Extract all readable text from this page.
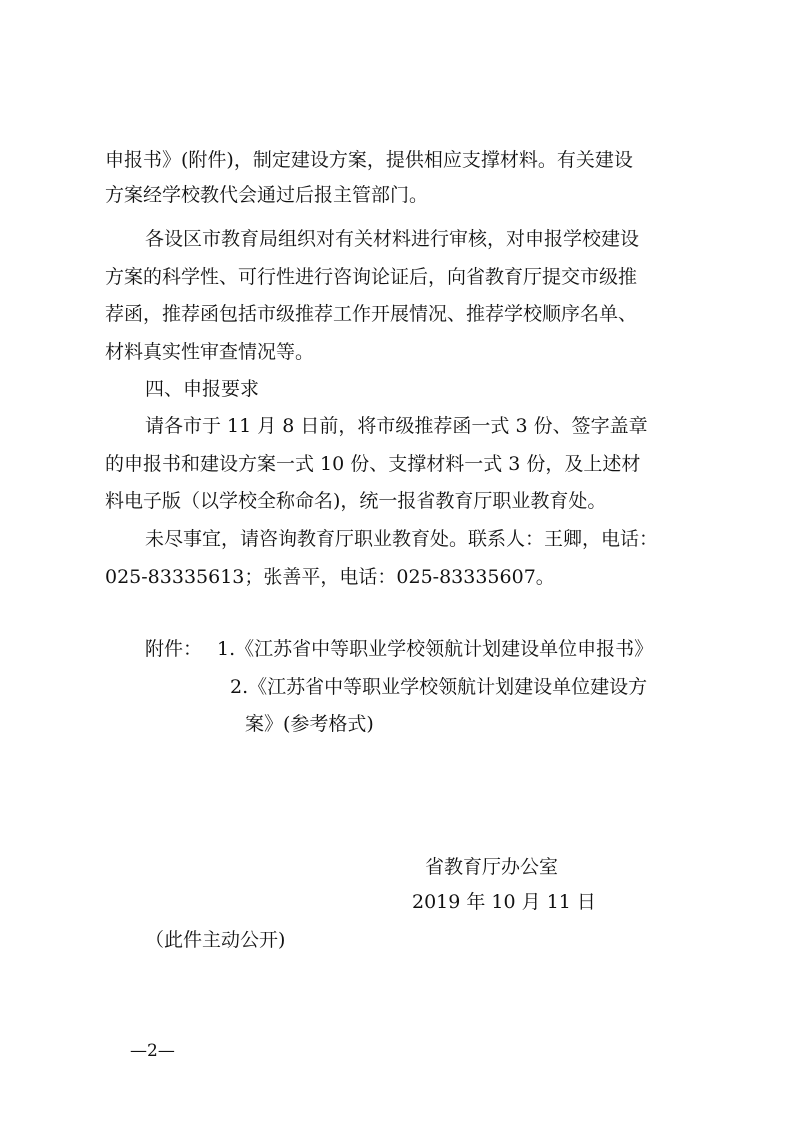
申报书》(附件)，制定建设方案，提供相应支撑材料。有关建设
方案经学校教代会通过后报主管部门。
各设区市教育局组织对有关材料进行审核，对申报学校建设
方案的科学性、可行性进行咨询论证后，向省教育厅提交市级推
荐函，推荐函包括市级推荐工作开展情况、推荐学校顺序名单、
材料真实性审查情况等。
四、申报要求
请各市于 11 月 8 日前，将市级推荐函一式 3 份、签字盖章
的申报书和建设方案一式 10 份、支撑材料一式 3 份，及上述材
料电子版（以学校全称命名)，统一报省教育厅职业教育处。
未尽事宜，请咨询教育厅职业教育处。联系人：王卿，电话：
025-83335613；张善平，电话：025-83335607。
附件： 1.《江苏省中等职业学校领航计划建设单位申报书》
2.《江苏省中等职业学校领航计划建设单位建设方
案》(参考格式)
省教育厅办公室
2019 年 10 月 11 日
（此件主动公开)
—2—
